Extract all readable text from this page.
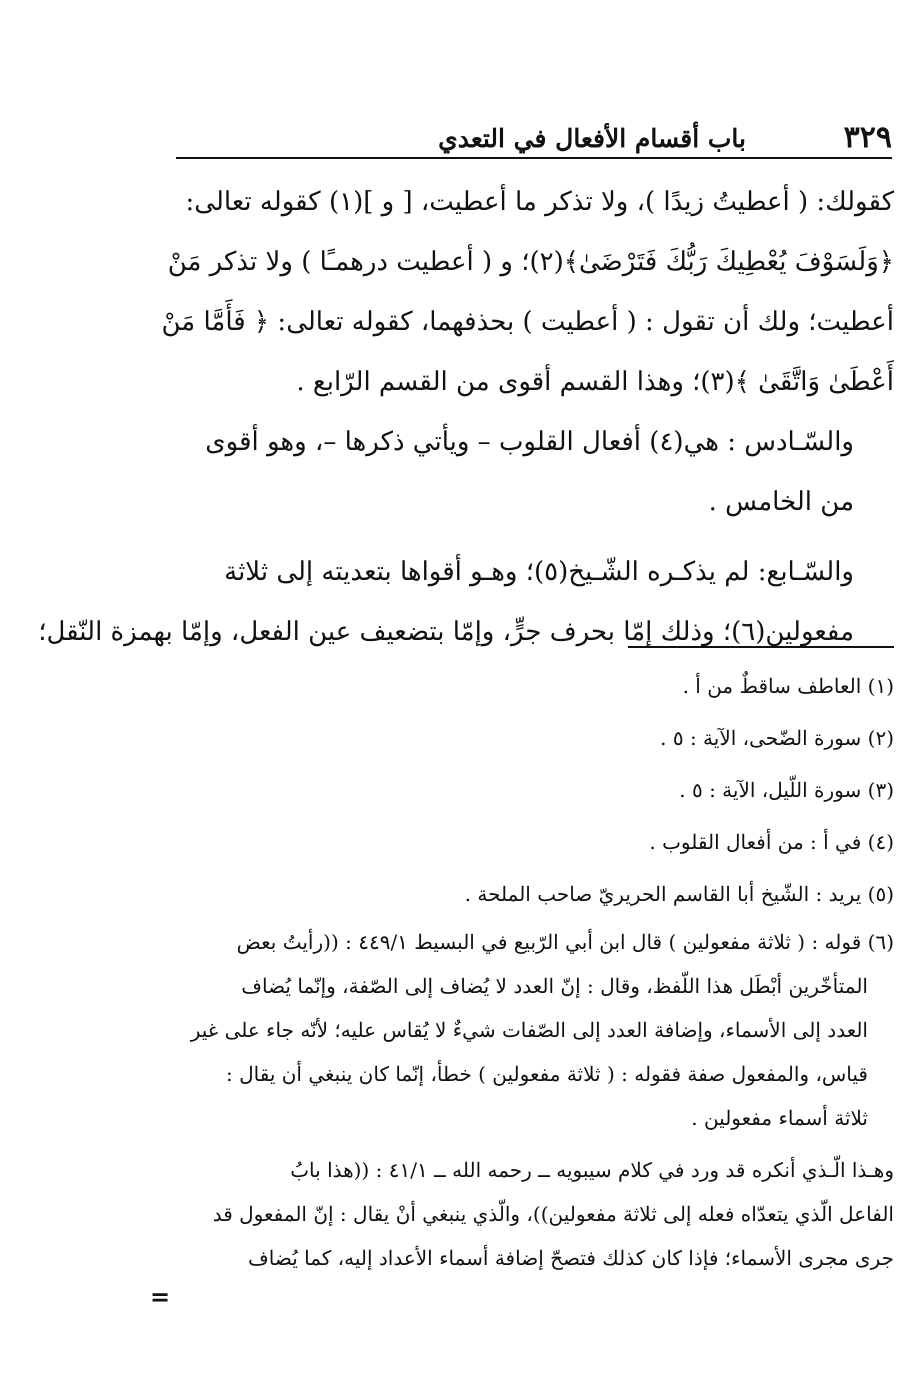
٣٢٩
باب أقسام الأفعال في التعدي

كقولك: ( أعطيتُ زيدًا )، ولا تذكر ما أعطيت، [ و ](١) كقوله تعالى:
﴿وَلَسَوْفَ يُعْطِيكَ رَبُّكَ فَتَرْضَىٰ﴾(٢)؛ و ( أعطيت درهمـًا ) ولا تذكر مَنْ
أعطيت؛ ولك أن تقول : ( أعطيت ) بحذفهما، كقوله تعالى: ﴿ فَأَمَّا مَنْ
أَعْطَىٰ وَاتَّقَىٰ ﴾(٣)؛ وهذا القسم أقوى من القسم الرّابع .

والسّـادس : هي(٤) أفعال القلوب – ويأتي ذكرها –، وهو أقوى
من الخامس .

والسّـابع: لم يذكـره الشّـيخ(٥)؛ وهـو أقواها بتعديته إلى ثلاثة
مفعولين(٦)؛ وذلك إمّا بحرف جرٍّ، وإمّا بتضعيف عين الفعل، وإمّا بهمزة النّقل؛

(١) العاطف ساقطٌ من أ .
(٢) سورة الضّحى، الآية : ٥ .
(٣) سورة اللّيل، الآية : ٥ .
(٤) في أ : من أفعال القلوب .
(٥) يريد : الشّيخ أبا القاسم الحريريّ صاحب الملحة .
(٦) قوله : ( ثلاثة مفعولين ) قال ابن أبي الرّبيع في البسيط ٤٤٩/١ : ((رأيتُ بعض
المتأخّرين أبْطَل هذا اللّفظ، وقال : إنّ العدد لا يُضاف إلى الصّفة، وإنّما يُضاف
العدد إلى الأسماء، وإضافة العدد إلى الصّفات شيءٌ لا يُقاس عليه؛ لأنّه جاء على غير
قياس، والمفعول صفة فقوله : ( ثلاثة مفعولين ) خطأ، إنّما كان ينبغي أن يقال :
ثلاثة أسماء مفعولين .
وهـذا الّـذي أنكره قد ورد في كلام سيبويه ــ رحمه الله ــ ٤١/١ : ((هذا بابُ
الفاعل الّذي يتعدّاه فعله إلى ثلاثة مفعولين))، والّذي ينبغي أنْ يقال : إنّ المفعول قد
جرى مجرى الأسماء؛ فإذا كان كذلك فتصحّ إضافة أسماء الأعداد إليه، كما يُضاف
=
